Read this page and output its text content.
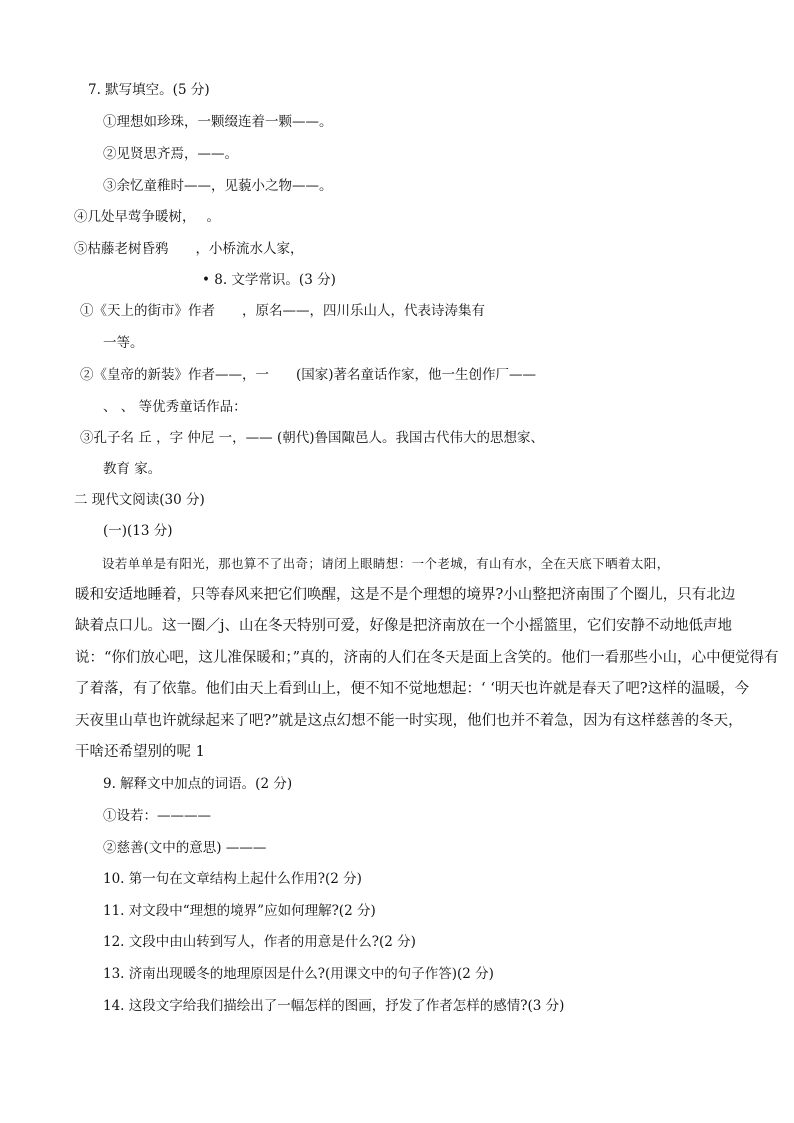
7. 默写填空。(5 分)
①理想如珍珠，一颗缀连着一颗——。
②见贤思齐焉，——。
③余忆童稚时——，见藐小之物——。
④几处早莺争暖树，　 。
⑤枯藤老树昏鸦　　，小桥流水人家，
• 8. 文学常识。(3 分)
①《天上的街市》作者　　，原名——，四川乐山人，代表诗涛集有
一等。
②《皇帝的新装》作者——，一　　(国家)著名童话作家，他一生创作厂——
、 、 等优秀童话作品：
③孔子名 丘 ，字 仲尼 一，—— (朝代)鲁国陬邑人。我国古代伟大的思想家、
教育 家。
二 现代文阅读(30 分)
(一)(13 分)
设若单单是有阳光，那也算不了出奇；请闭上眼睛想：一个老城，有山有水，全在天底下晒着太阳，
暖和安适地睡着，只等春风来把它们唤醒，这是不是个理想的境界?小山整把济南围了个圈儿，只有北边
缺着点口儿。这一圈／j、山在冬天特别可爱，好像是把济南放在一个小摇篮里，它们安静不动地低声地
说：“你们放心吧，这儿准保暖和；”真的，济南的人们在冬天是面上含笑的。他们一看那些小山，心中便觉得有
了着落，有了依靠。他们由天上看到山上，便不知不觉地想起：‘ ‘明天也许就是春天了吧?这样的温暖，今
天夜里山草也许就绿起来了吧?”就是这点幻想不能一时实现，他们也并不着急，因为有这样慈善的冬天，
干啥还希望别的呢 1
9. 解释文中加点的词语。(2 分)
①设若：————
②慈善(文中的意思) ———
10. 第一句在文章结构上起什么作用?(2 分)
11. 对文段中“理想的境界”应如何理解?(2 分)
12. 文段中由山转到写人，作者的用意是什么?(2 分)
13. 济南出现暖冬的地理原因是什么?(用课文中的句子作答)(2 分)
14. 这段文字给我们描绘出了一幅怎样的图画，抒发了作者怎样的感情?(3 分)
